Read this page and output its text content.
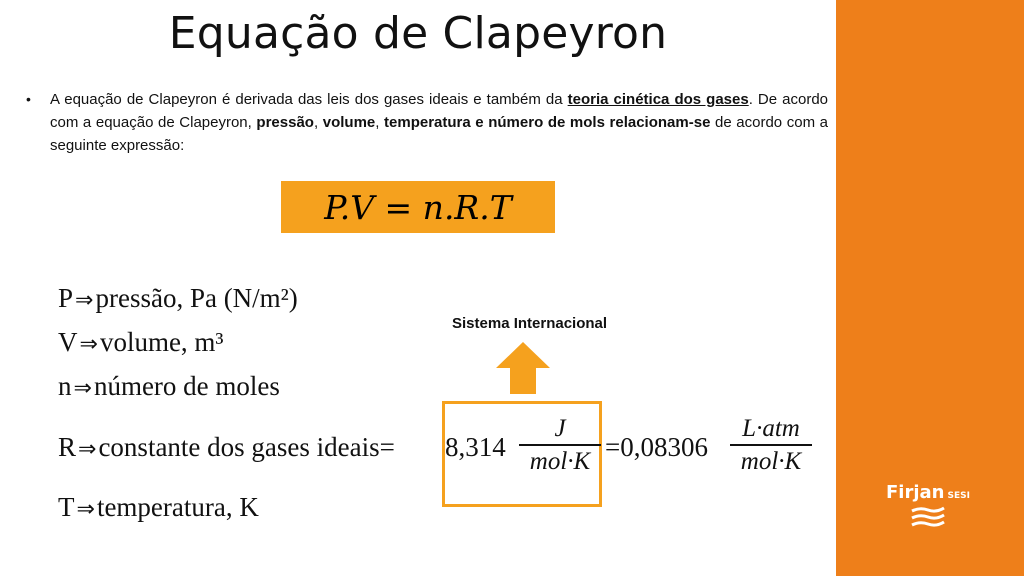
Equação de Clapeyron
• A equação de Clapeyron é derivada das leis dos gases ideais e também da teoria cinética dos gases. De acordo com a equação de Clapeyron, pressão, volume, temperatura e número de mols relacionam-se de acordo com a seguinte expressão:
P.V = n.R.T
P⇒pressão, Pa (N/m²)
V⇒volume, m³
n⇒número de moles
R⇒constante dos gases ideais=
T⇒temperatura, K
Sistema Internacional
8,314
J
mol·K =0,08306
L·atm
mol·K
Firjan SESI
